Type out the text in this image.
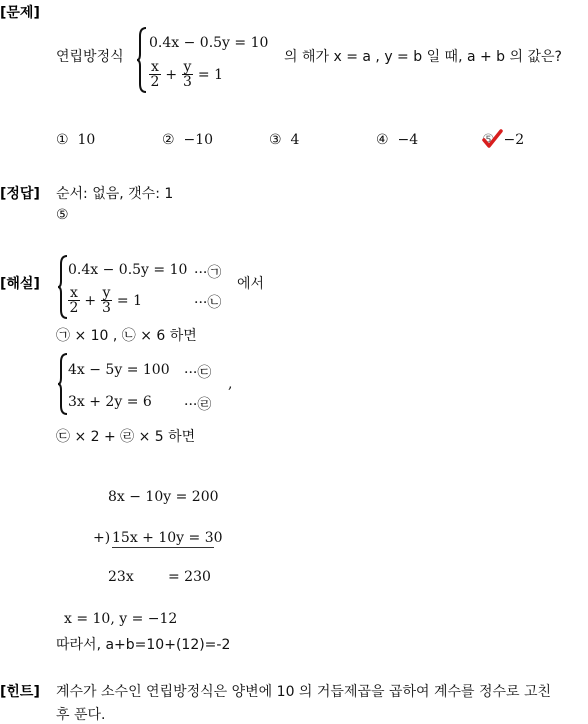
[문제]
연립방정식
0.4x − 0.5y = 10
$\frac{x}{2} + \frac{y}{3} = 1$
의 해가 x = a , y = b 일 때, a + b 의 값은?
① 10	② −10	③ 4	④ −4	⑤ −2
[정답] 순서: 없음, 갯수: 1
⑤
[해설]
0.4x − 0.5y = 10 ···㉠
$\frac{x}{2} + \frac{y}{3} = 1$	···㉡
에서
㉠ × 10 , ㉡ × 6 하면
4x − 5y = 100 ···㉢
3x + 2y = 6 ···㉣
,
㉢ × 2 + ㉣ × 5 하면
8x − 10y = 200
+) 15x + 10y = 30
23x = 230
x = 10, y = −12
따라서, a+b=10+(12)=-2
[힌트] 계수가 소수인 연립방정식은 양변에 10 의 거듭제곱을 곱하여 계수를 정수로 고친
후 푼다.
